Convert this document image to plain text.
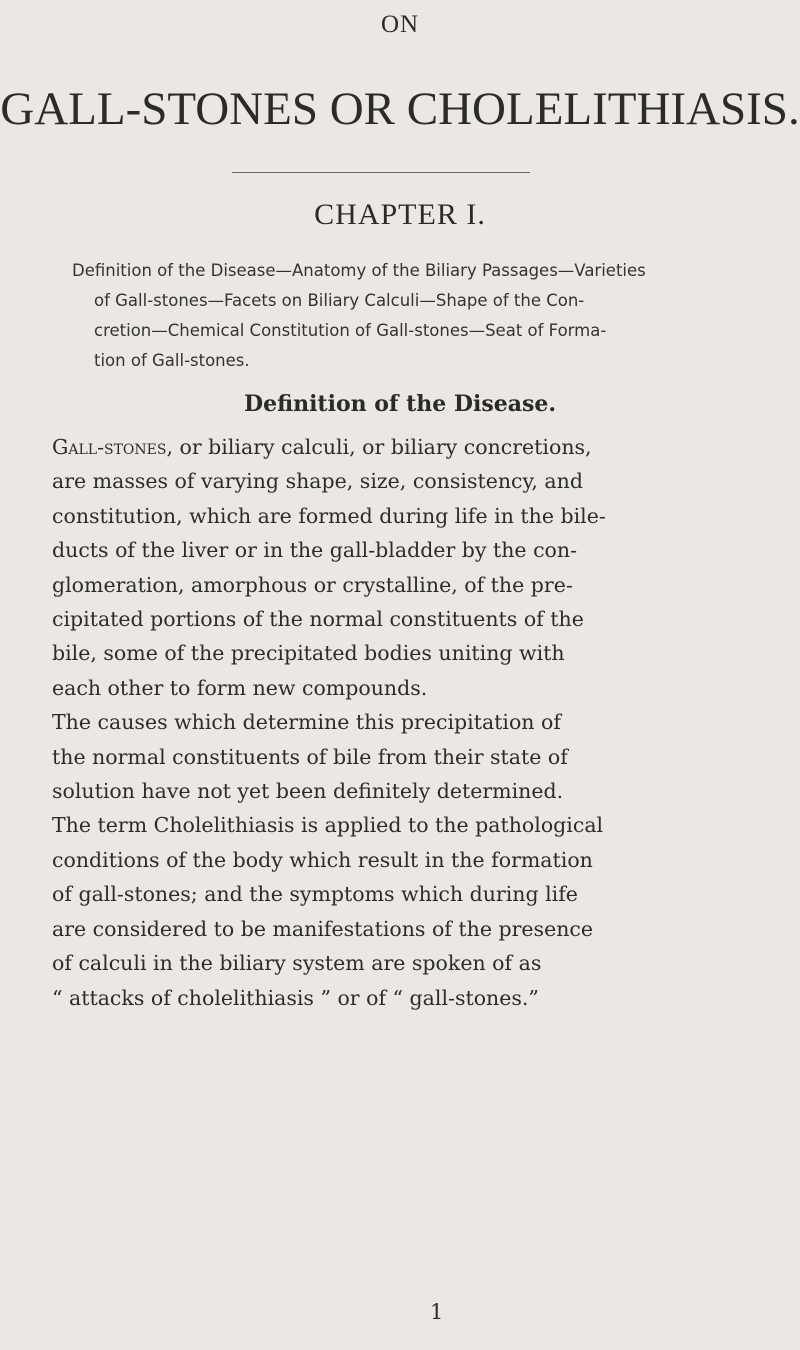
ON
GALL-STONES OR CHOLELITHIASIS.
CHAPTER I.
Definition of the Disease—Anatomy of the Biliary Passages—Varieties
of Gall-stones—Facets on Biliary Calculi—Shape of the Con-
cretion—Chemical Constitution of Gall-stones—Seat of Forma-
tion of Gall-stones.
Definition of the Disease.
Gall-stones, or biliary calculi, or biliary concretions,
are masses of varying shape, size, consistency, and
constitution, which are formed during life in the bile-
ducts of the liver or in the gall-bladder by the con-
glomeration, amorphous or crystalline, of the pre-
cipitated portions of the normal constituents of the
bile, some of the precipitated bodies uniting with
each other to form new compounds.
The causes which determine this precipitation of
the normal constituents of bile from their state of
solution have not yet been definitely determined.
The term Cholelithiasis is applied to the pathological
conditions of the body which result in the formation
of gall-stones; and the symptoms which during life
are considered to be manifestations of the presence
of calculi in the biliary system are spoken of as
“ attacks of cholelithiasis ” or of “ gall-stones.”
1
